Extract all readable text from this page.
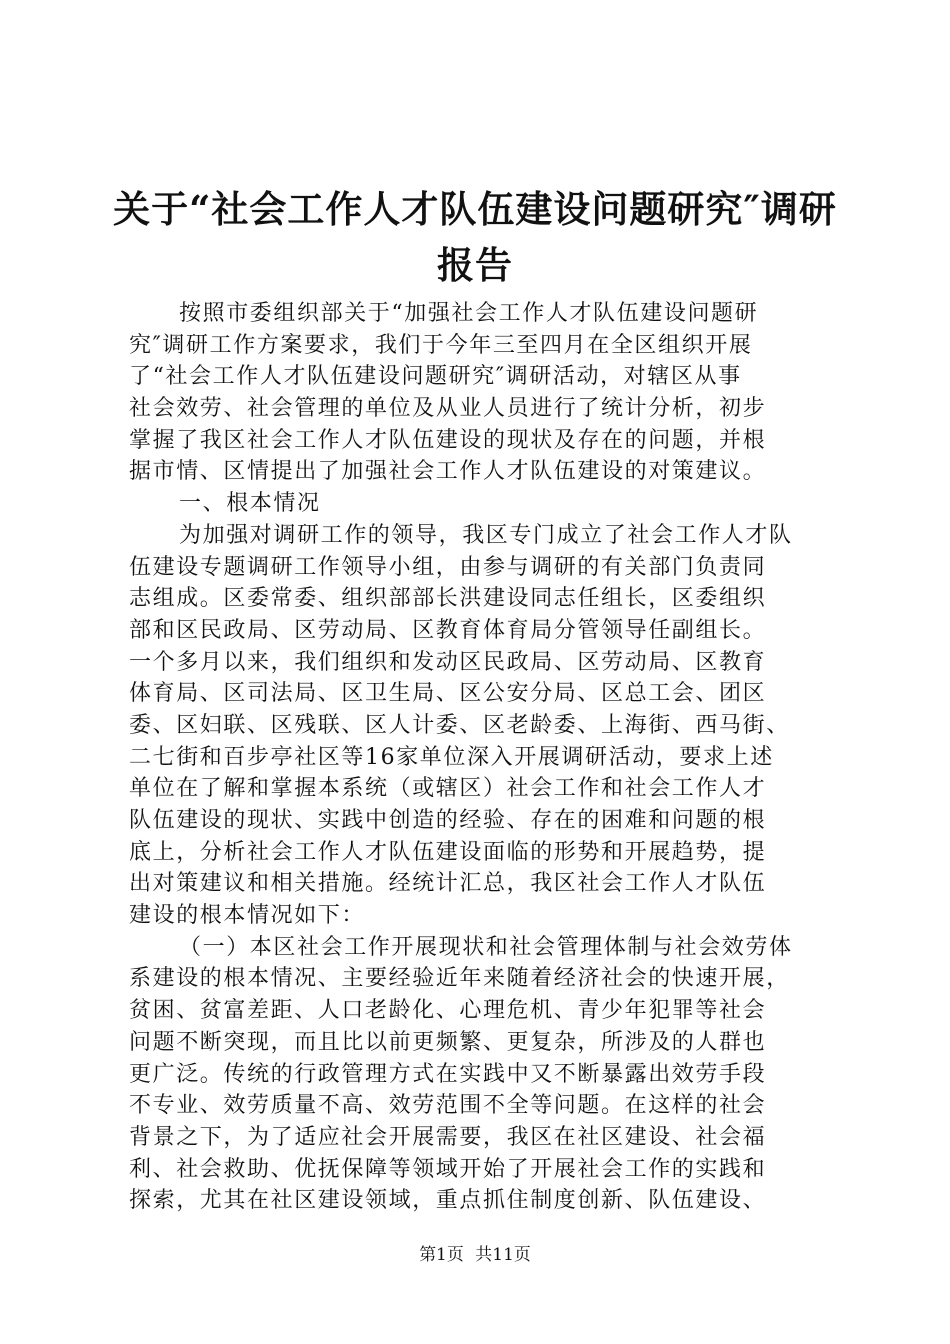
关于“社会工作人才队伍建设问题研究″调研
报告
按照市委组织部关于“加强社会工作人才队伍建设问题研
究″调研工作方案要求，我们于今年三至四月在全区组织开展
了“社会工作人才队伍建设问题研究″调研活动，对辖区从事
社会效劳、社会管理的单位及从业人员进行了统计分析，初步
掌握了我区社会工作人才队伍建设的现状及存在的问题，并根
据市情、区情提出了加强社会工作人才队伍建设的对策建议。
一、根本情况
为加强对调研工作的领导，我区专门成立了社会工作人才队
伍建设专题调研工作领导小组，由参与调研的有关部门负责同
志组成。区委常委、组织部部长洪建设同志任组长，区委组织
部和区民政局、区劳动局、区教育体育局分管领导任副组长。
一个多月以来，我们组织和发动区民政局、区劳动局、区教育
体育局、区司法局、区卫生局、区公安分局、区总工会、团区
委、区妇联、区残联、区人计委、区老龄委、上海街、西马街、
二七街和百步亭社区等16家单位深入开展调研活动，要求上述
单位在了解和掌握本系统（或辖区）社会工作和社会工作人才
队伍建设的现状、实践中创造的经验、存在的困难和问题的根
底上，分析社会工作人才队伍建设面临的形势和开展趋势，提
出对策建议和相关措施。经统计汇总，我区社会工作人才队伍
建设的根本情况如下：
（一）本区社会工作开展现状和社会管理体制与社会效劳体
系建设的根本情况、主要经验近年来随着经济社会的快速开展，
贫困、贫富差距、人口老龄化、心理危机、青少年犯罪等社会
问题不断突现，而且比以前更频繁、更复杂，所涉及的人群也
更广泛。传统的行政管理方式在实践中又不断暴露出效劳手段
不专业、效劳质量不高、效劳范围不全等问题。在这样的社会
背景之下，为了适应社会开展需要，我区在社区建设、社会福
利、社会救助、优抚保障等领域开始了开展社会工作的实践和
探索，尤其在社区建设领域，重点抓住制度创新、队伍建设、
第1页 共11页
